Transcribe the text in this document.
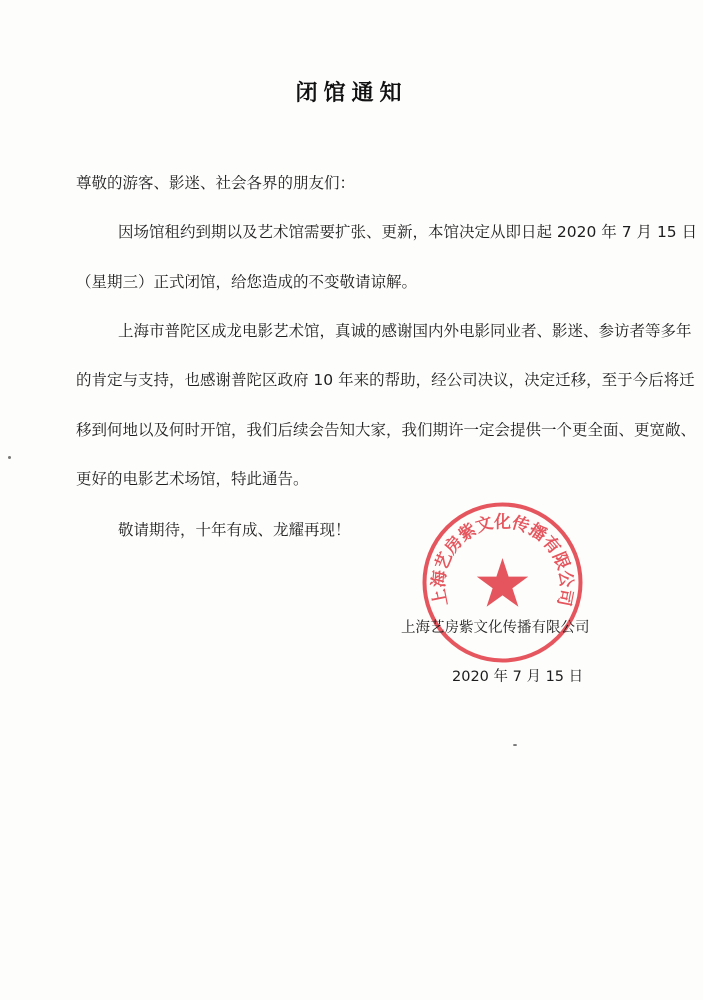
闭馆通知
尊敬的游客、影迷、社会各界的朋友们：
因场馆租约到期以及艺术馆需要扩张、更新，本馆决定从即日起 2020 年 7 月 15 日
（星期三）正式闭馆，给您造成的不变敬请谅解。
上海市普陀区成龙电影艺术馆，真诚的感谢国内外电影同业者、影迷、参访者等多年
的肯定与支持，也感谢普陀区政府 10 年来的帮助，经公司决议，决定迁移，至于今后将迁
移到何地以及何时开馆，我们后续会告知大家，我们期许一定会提供一个更全面、更宽敞、
更好的电影艺术场馆，特此通告。
敬请期待，十年有成、龙耀再现！
上海艺房紫文化传播有限公司
上海艺房紫文化传播有限公司
2020 年 7 月 15 日
